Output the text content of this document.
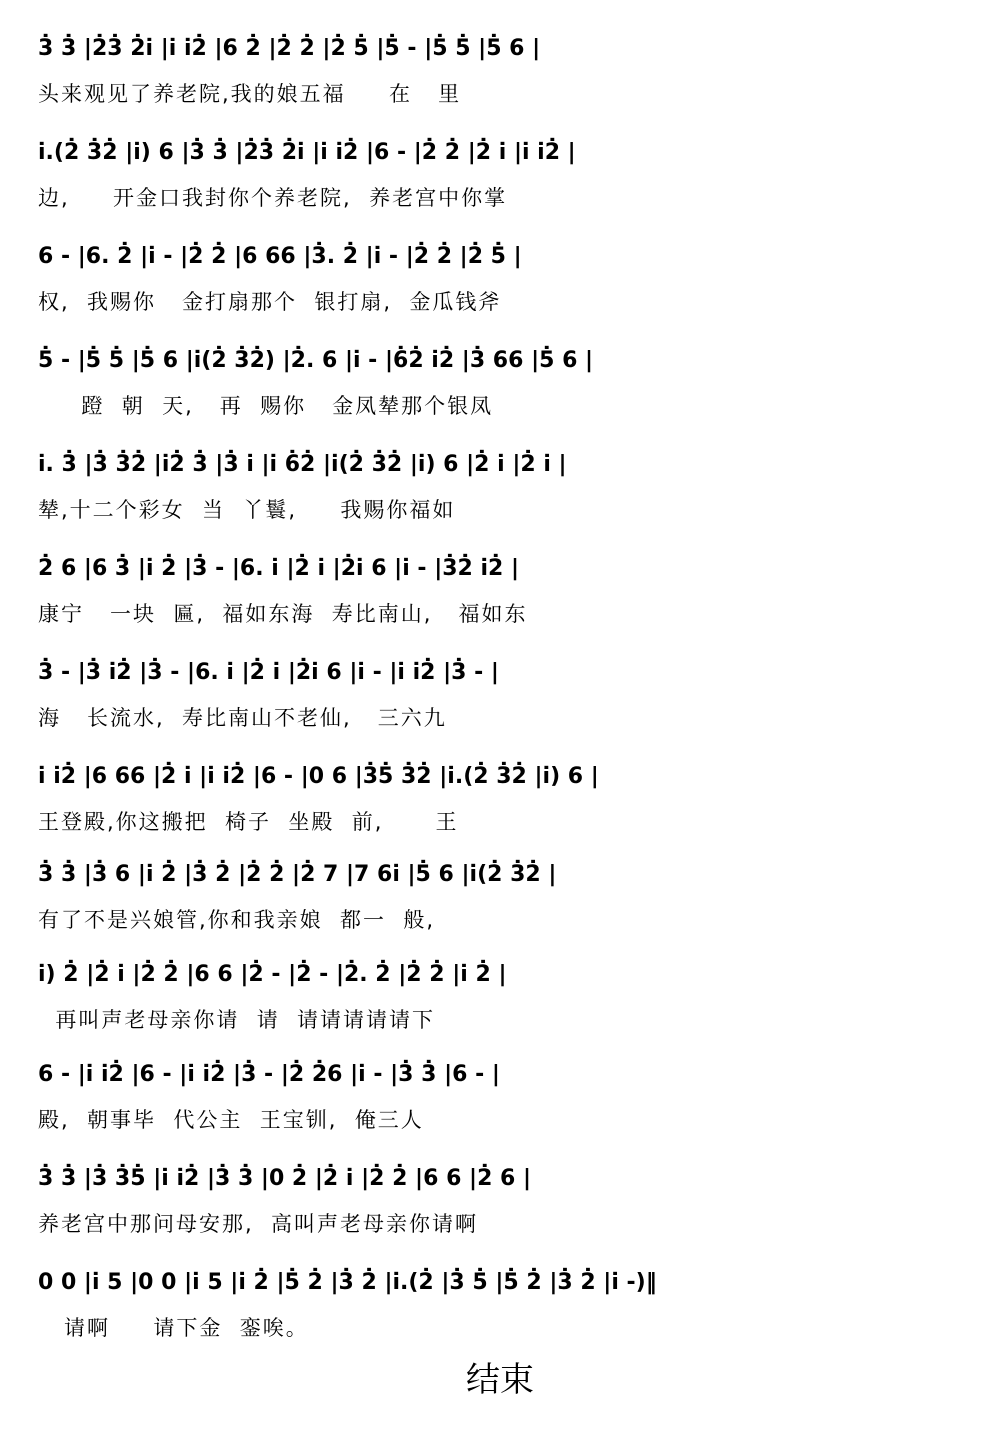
3̇ 3̇ |2̇3̇ 2̇i̇ |i̇ i̇2̇ |6 2̇ |2̇ 2̇ |2̇ 5̇ |5̇ - |5̇ 5̇ |5̇ 6 |
头来观见了养老院,我的娘五福     在   里
i̇.(2̇ 3̇2̇ |i̇) 6 |3̇ 3̇ |2̇3̇ 2̇i̇ |i̇ i̇2̇ |6 - |2̇ 2̇ |2̇ i̇ |i̇ i̇2̇ |
边,     开金口我封你个养老院,  养老宫中你掌
6 - |6. 2̇ |i̇ - |2̇ 2̇ |6 66 |3̇. 2̇ |i̇ - |2̇ 2̇ |2̇ 5̇ |
权,  我赐你   金打扇那个  银打扇,  金瓜钱斧
5̇ - |5̇ 5̇ |5̇ 6 |i̇(2̇ 3̇2̇) |2̇. 6 |i̇ - |6̇2̇ i̇2̇ |3̇ 66 |5̇ 6 |
蹬  朝  天,   再  赐你   金凤辇那个银凤
i̇. 3̇ |3̇ 3̇2̇ |i̇2̇ 3̇ |3̇ i̇ |i̇ 6̇2̇ |i̇(2̇ 3̇2̇ |i̇) 6 |2̇ i̇ |2̇ i̇ |
辇,十二个彩女  当  丫鬟,     我赐你福如
2̇ 6 |6 3̇ |i̇ 2̇ |3̇ - |6. i̇ |2̇ i̇ |2̇i̇ 6 |i̇ - |3̇2̇ i̇2̇ |
康宁   一块  匾,  福如东海  寿比南山,   福如东
3̇ - |3̇ i̇2̇ |3̇ - |6. i̇ |2̇ i̇ |2̇i̇ 6 |i̇ - |i̇ i̇2̇ |3̇ - |
海   长流水,  寿比南山不老仙,   三六九
i̇ i̇2̇ |6 66 |2̇ i̇ |i̇ i̇2̇ |6 - |0 6 |3̇5̇ 3̇2̇ |i̇.(2̇ 3̇2̇ |i̇) 6 |
王登殿,你这搬把  椅子  坐殿  前,      王
3̇ 3̇ |3̇ 6 |i̇ 2̇ |3̇ 2̇ |2̇ 2̇ |2̇ 7 |7 6i̇ |5̇ 6 |i̇(2̇ 3̇2̇ |
有了不是兴娘管,你和我亲娘  都一  般,
i̇) 2̇ |2̇ i̇ |2̇ 2̇ |6 6 |2̇ - |2̇ - |2̇. 2̇ |2̇ 2̇ |i̇ 2̇ |
再叫声老母亲你请  请  请请请请请下
6 - |i̇ i̇2̇ |6 - |i̇ i̇2̇ |3̇ - |2̇ 2̇6 |i̇ - |3̇ 3̇ |6 - |
殿,  朝事毕  代公主  王宝钏,  俺三人
3̇ 3̇ |3̇ 3̇5̇ |i̇ i̇2̇ |3̇ 3̇ |0 2̇ |2̇ i̇ |2̇ 2̇ |6 6 |2̇ 6 |
养老宫中那问母安那,  高叫声老母亲你请啊
0 0 |i̇ 5 |0 0 |i̇ 5 |i̇ 2̇ |5̇ 2̇ |3̇ 2̇ |i̇.(2̇ |3̇ 5̇ |5̇ 2̇ |3̇ 2̇ |i̇ -)‖
请啊     请下金  銮唉。
结束
